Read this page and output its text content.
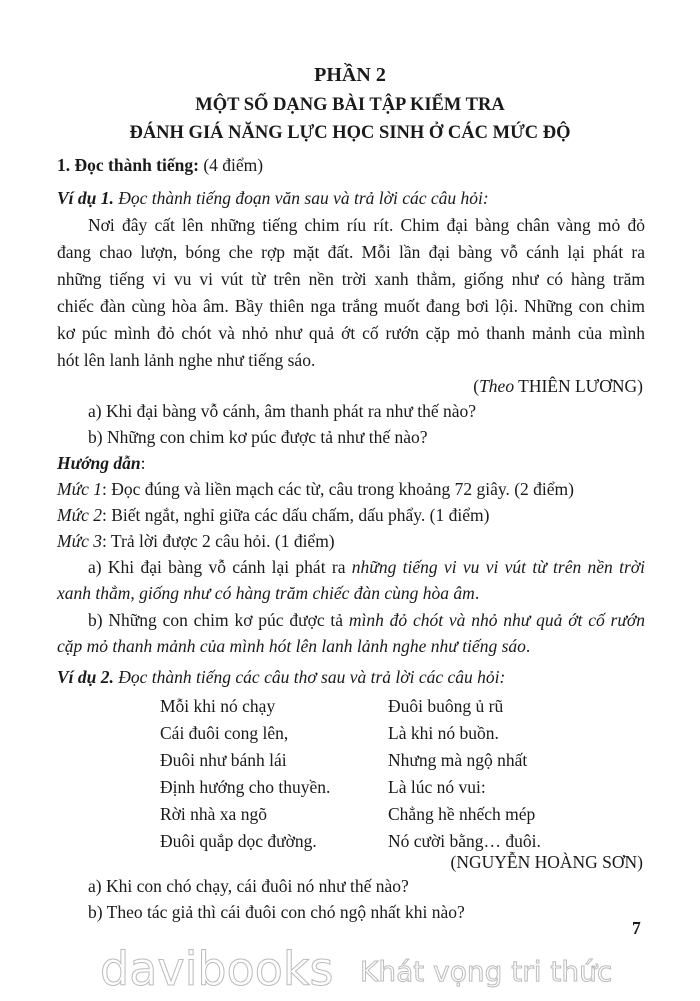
PHẦN 2
MỘT SỐ DẠNG BÀI TẬP KIỂM TRA
ĐÁNH GIÁ NĂNG LỰC HỌC SINH Ở CÁC MỨC ĐỘ
1. Đọc thành tiếng: (4 điểm)
Ví dụ 1. Đọc thành tiếng đoạn văn sau và trả lời các câu hỏi:
Nơi đây cất lên những tiếng chim ríu rít. Chim đại bàng chân vàng mỏ đỏ
đang chao lượn, bóng che rợp mặt đất. Mỗi lần đại bàng vỗ cánh lại phát ra
những tiếng vi vu vi vút từ trên nền trời xanh thẳm, giống như có hàng trăm
chiếc đàn cùng hòa âm. Bầy thiên nga trắng muốt đang bơi lội. Những con chim
kơ púc mình đỏ chót và nhỏ như quả ớt cố rướn cặp mỏ thanh mảnh của mình
hót lên lanh lảnh nghe như tiếng sáo.
(Theo THIÊN LƯƠNG)
a) Khi đại bàng vỗ cánh, âm thanh phát ra như thế nào?
b) Những con chim kơ púc được tả như thế nào?
Hướng dẫn:
Mức 1: Đọc đúng và liền mạch các từ, câu trong khoảng 72 giây. (2 điểm)
Mức 2: Biết ngắt, nghỉ giữa các dấu chấm, dấu phẩy. (1 điểm)
Mức 3: Trả lời được 2 câu hỏi. (1 điểm)
a) Khi đại bàng vỗ cánh lại phát ra những tiếng vi vu vi vút từ trên nền trời
xanh thẳm, giống như có hàng trăm chiếc đàn cùng hòa âm.
b) Những con chim kơ púc được tả mình đỏ chót và nhỏ như quả ớt cố rướn
cặp mỏ thanh mảnh của mình hót lên lanh lảnh nghe như tiếng sáo.
Ví dụ 2. Đọc thành tiếng các câu thơ sau và trả lời các câu hỏi:
Mỗi khi nó chạy
Cái đuôi cong lên,
Đuôi như bánh lái
Định hướng cho thuyền.
Rời nhà xa ngõ
Đuôi quắp dọc đường.
Đuôi buông ủ rũ
Là khi nó buồn.
Nhưng mà ngộ nhất
Là lúc nó vui:
Chẳng hề nhếch mép
Nó cười bằng… đuôi.
(NGUYỄN HOÀNG SƠN)
a) Khi con chó chạy, cái đuôi nó như thế nào?
b) Theo tác giả thì cái đuôi con chó ngộ nhất khi nào?
7
davibooks Khát vọng tri thức
